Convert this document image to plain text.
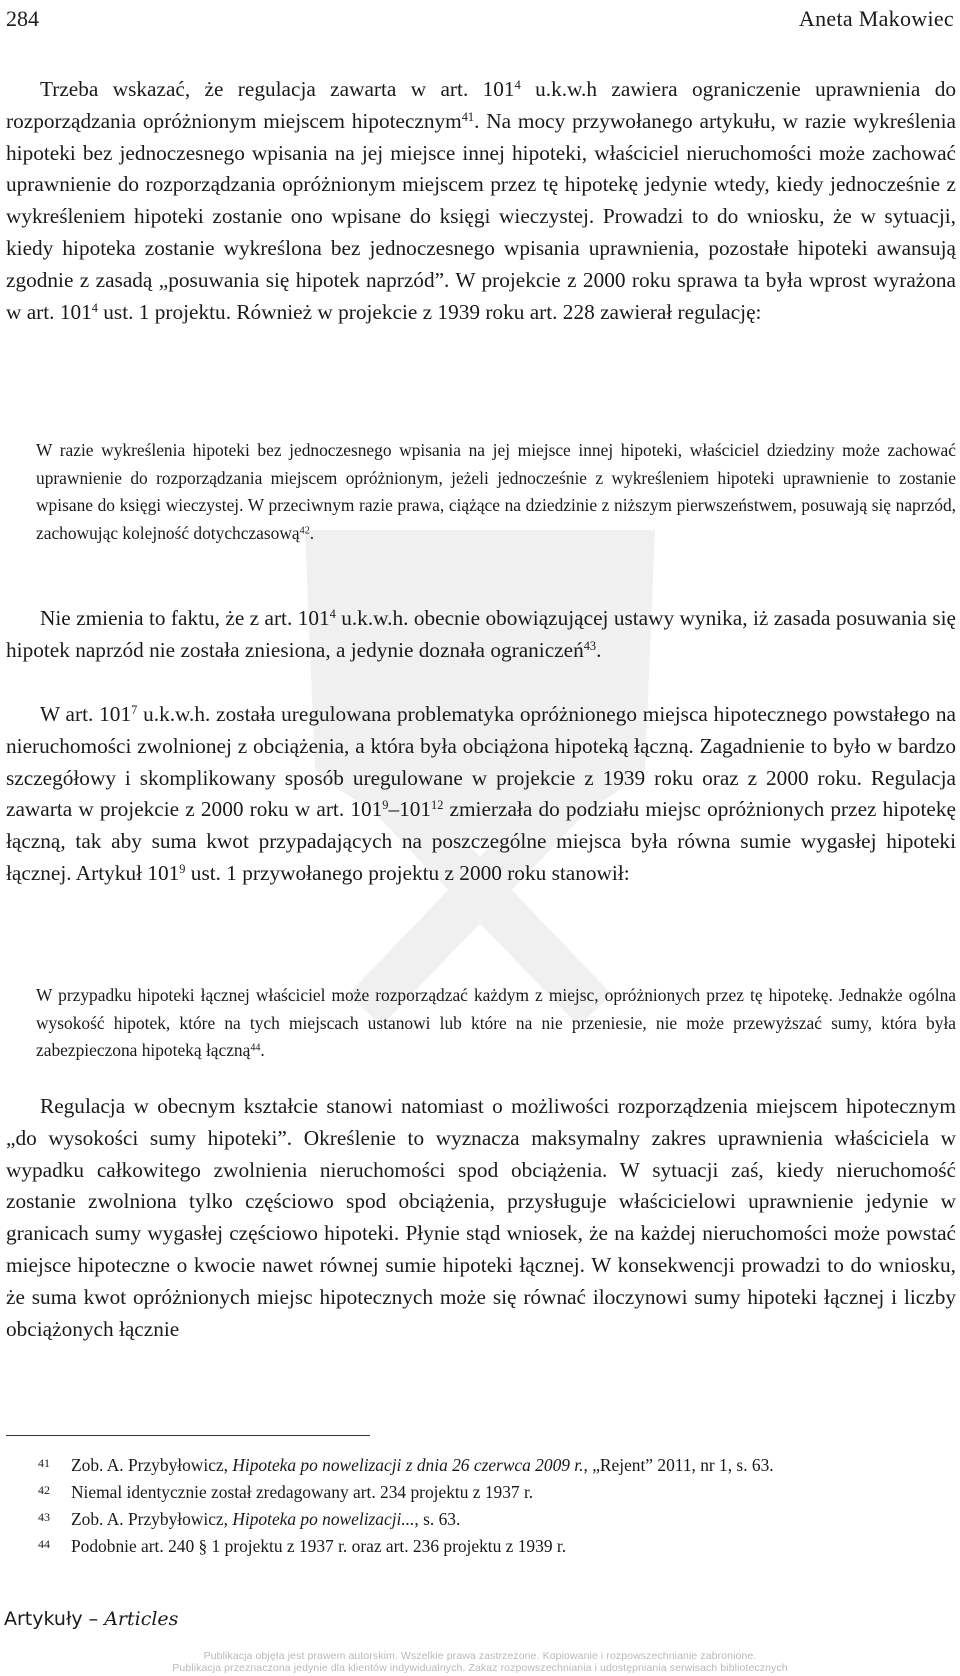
284	Aneta Makowiec

Trzeba wskazać, że regulacja zawarta w art. $101^4$ u.k.w.h zawiera ograniczenie uprawnienia do rozporządzania opróżnionym miejscem hipotecznym$^{41}$. Na mocy przywołanego artykułu, w razie wykreślenia hipoteki bez jednoczesnego wpisania na jej miejsce innej hipoteki, właściciel nieruchomości może zachować uprawnienie do rozporządzania opróżnionym miejscem przez tę hipotekę jedynie wtedy, kiedy jednocześnie z wykreśleniem hipoteki zostanie ono wpisane do księgi wieczystej. Prowadzi to do wniosku, że w sytuacji, kiedy hipoteka zostanie wykreślona bez jednoczesnego wpisania uprawnienia, pozostałe hipoteki awansują zgodnie z zasadą „posuwania się hipotek naprzód”. W projekcie z 2000 roku sprawa ta była wprost wyrażona w art. $101^4$ ust. 1 projektu. Również w projekcie z 1939 roku art. 228 zawierał regulację:

W razie wykreślenia hipoteki bez jednoczesnego wpisania na jej miejsce innej hipoteki, właściciel dziedziny może zachować uprawnienie do rozporządzania miejscem opróżnionym, jeżeli jednocześnie z wykreśleniem hipoteki uprawnienie to zostanie wpisane do księgi wieczystej. W przeciwnym razie prawa, ciążące na dziedzinie z niższym pierwszeństwem, posuwają się naprzód, zachowując kolejność dotychczasową$^{42}$.

Nie zmienia to faktu, że z art. $101^4$ u.k.w.h. obecnie obowiązującej ustawy wynika, iż zasada posuwania się hipotek naprzód nie została zniesiona, a jedynie doznała ograniczeń$^{43}$.

W art. $101^7$ u.k.w.h. została uregulowana problematyka opróżnionego miejsca hipotecznego powstałego na nieruchomości zwolnionej z obciążenia, a która była obciążona hipoteką łączną. Zagadnienie to było w bardzo szczegółowy i skomplikowany sposób uregulowane w projekcie z 1939 roku oraz z 2000 roku. Regulacja zawarta w projekcie z 2000 roku w art. $101^9-101^{12}$ zmierzała do podziału miejsc opróżnionych przez hipotekę łączną, tak aby suma kwot przypadających na poszczególne miejsca była równa sumie wygasłej hipoteki łącznej. Artykuł $101^9$ ust. 1 przywołanego projektu z 2000 roku stanowił:

W przypadku hipoteki łącznej właściciel może rozporządzać każdym z miejsc, opróżnionych przez tę hipotekę. Jednakże ogólna wysokość hipotek, które na tych miejscach ustanowi lub które na nie przeniesie, nie może przewyższać sumy, która była zabezpieczona hipoteką łączną$^{44}$.

Regulacja w obecnym kształcie stanowi natomiast o możliwości rozporządzenia miejscem hipotecznym „do wysokości sumy hipoteki”. Określenie to wyznacza maksymalny zakres uprawnienia właściciela w wypadku całkowitego zwolnienia nieruchomości spod obciążenia. W sytuacji zaś, kiedy nieruchomość zostanie zwolniona tylko częściowo spod obciążenia, przysługuje właścicielowi uprawnienie jedynie w granicach sumy wygasłej częściowo hipoteki. Płynie stąd wniosek, że na każdej nieruchomości może powstać miejsce hipoteczne o kwocie nawet równej sumie hipoteki łącznej. W konsekwencji prowadzi to do wniosku, że suma kwot opróżnionych miejsc hipotecznych może się równać iloczynowi sumy hipoteki łącznej i liczby obciążonych łącznie

41	Zob. A. Przybyłowicz, Hipoteka po nowelizacji z dnia 26 czerwca 2009 r., „Rejent” 2011, nr 1, s. 63.
42	Niemal identycznie został zredagowany art. 234 projektu z 1937 r.
43	Zob. A. Przybyłowicz, Hipoteka po nowelizacji..., s. 63.
44	Podobnie art. 240 § 1 projektu z 1937 r. oraz art. 236 projektu z 1939 r.
Artykuły – Articles
Publikacja objęta jest prawem autorskim. Wszelkie prawa zastrzeżone. Kopiowanie i rozpowszechnianie zabronione.
Publikacja przeznaczona jedynie dla klientów indywidualnych. Zakaz rozpowszechniania i udostępniania serwisach bibliotecznych
